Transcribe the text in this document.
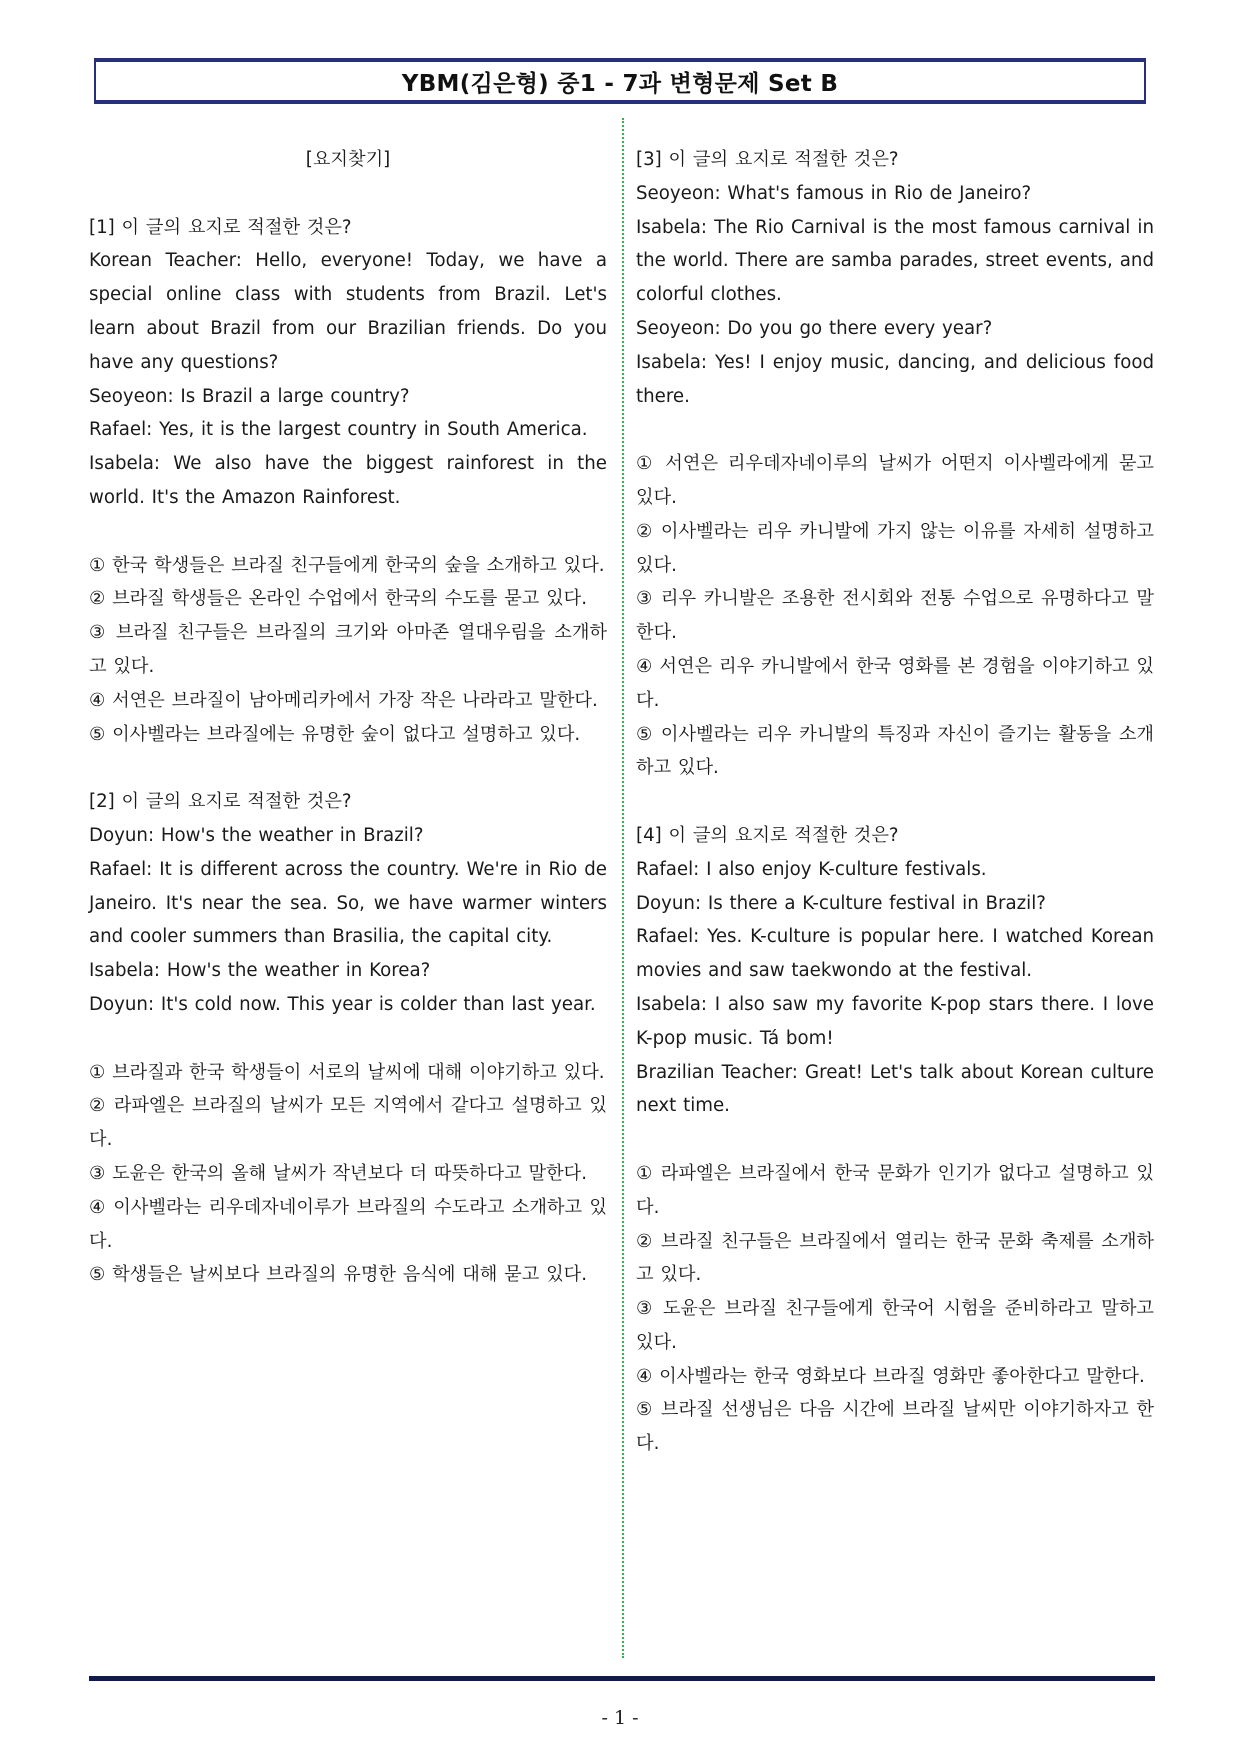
YBM(김은형) 중1 - 7과 변형문제 Set B

[요지찾기]

[1] 이 글의 요지로 적절한 것은?

Korean Teacher: Hello, everyone! Today, we have a special online class with students from Brazil. Let's learn about Brazil from our Brazilian friends. Do you have any questions?

Seoyeon: Is Brazil a large country?

Rafael: Yes, it is the largest country in South America.

Isabela: We also have the biggest rainforest in the world. It's the Amazon Rainforest.

① 한국 학생들은 브라질 친구들에게 한국의 숲을 소개하고 있다.

② 브라질 학생들은 온라인 수업에서 한국의 수도를 묻고 있다.

③ 브라질 친구들은 브라질의 크기와 아마존 열대우림을 소개하고 있다.

④ 서연은 브라질이 남아메리카에서 가장 작은 나라라고 말한다.

⑤ 이사벨라는 브라질에는 유명한 숲이 없다고 설명하고 있다.

[2] 이 글의 요지로 적절한 것은?

Doyun: How's the weather in Brazil?

Rafael: It is different across the country. We're in Rio de Janeiro. It's near the sea. So, we have warmer winters and cooler summers than Brasilia, the capital city.

Isabela: How's the weather in Korea?

Doyun: It's cold now. This year is colder than last year.

① 브라질과 한국 학생들이 서로의 날씨에 대해 이야기하고 있다.

② 라파엘은 브라질의 날씨가 모든 지역에서 같다고 설명하고 있다.

③ 도윤은 한국의 올해 날씨가 작년보다 더 따뜻하다고 말한다.

④ 이사벨라는 리우데자네이루가 브라질의 수도라고 소개하고 있다.

⑤ 학생들은 날씨보다 브라질의 유명한 음식에 대해 묻고 있다.

[3] 이 글의 요지로 적절한 것은?

Seoyeon: What's famous in Rio de Janeiro?

Isabela: The Rio Carnival is the most famous carnival in the world. There are samba parades, street events, and colorful clothes.

Seoyeon: Do you go there every year?

Isabela: Yes! I enjoy music, dancing, and delicious food there.

① 서연은 리우데자네이루의 날씨가 어떤지 이사벨라에게 묻고 있다.

② 이사벨라는 리우 카니발에 가지 않는 이유를 자세히 설명하고 있다.

③ 리우 카니발은 조용한 전시회와 전통 수업으로 유명하다고 말한다.

④ 서연은 리우 카니발에서 한국 영화를 본 경험을 이야기하고 있다.

⑤ 이사벨라는 리우 카니발의 특징과 자신이 즐기는 활동을 소개하고 있다.

[4] 이 글의 요지로 적절한 것은?

Rafael: I also enjoy K-culture festivals.

Doyun: Is there a K-culture festival in Brazil?

Rafael: Yes. K-culture is popular here. I watched Korean movies and saw taekwondo at the festival.

Isabela: I also saw my favorite K-pop stars there. I love K-pop music. Tá bom!

Brazilian Teacher: Great! Let's talk about Korean culture next time.

① 라파엘은 브라질에서 한국 문화가 인기가 없다고 설명하고 있다.

② 브라질 친구들은 브라질에서 열리는 한국 문화 축제를 소개하고 있다.

③ 도윤은 브라질 친구들에게 한국어 시험을 준비하라고 말하고 있다.

④ 이사벨라는 한국 영화보다 브라질 영화만 좋아한다고 말한다.

⑤ 브라질 선생님은 다음 시간에 브라질 날씨만 이야기하자고 한다.

- 1 -
